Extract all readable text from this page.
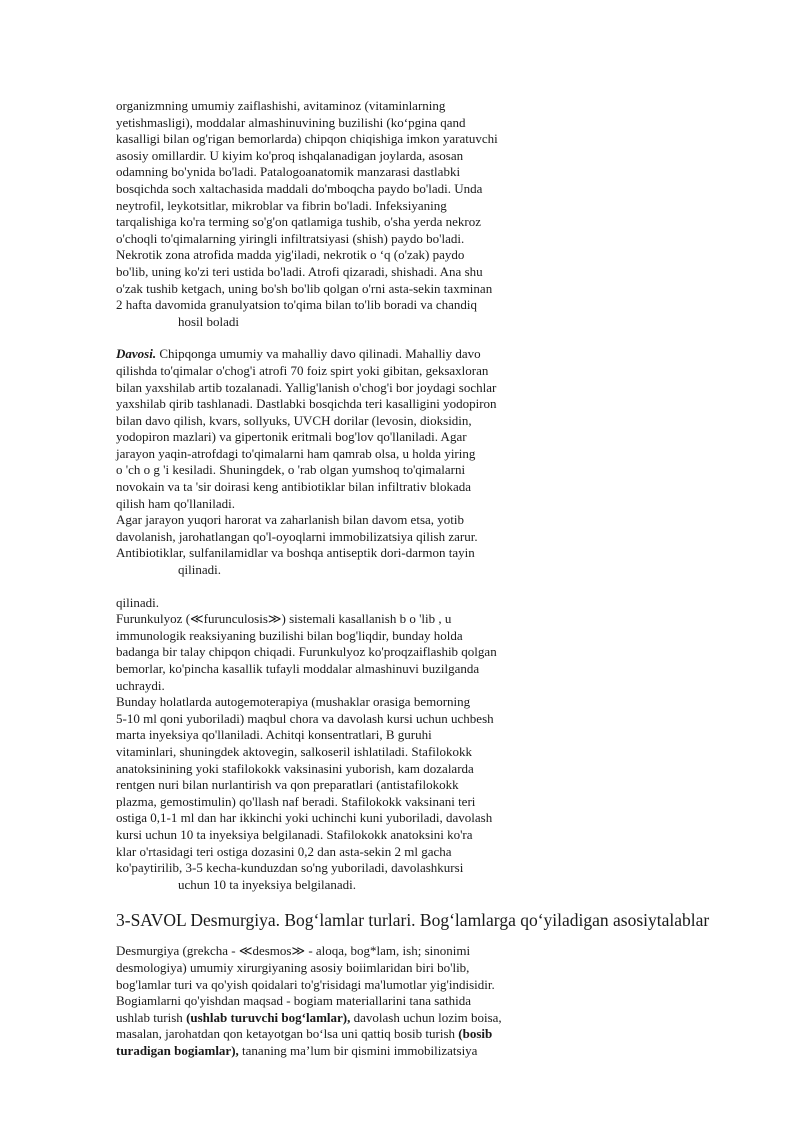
organizmning umumiy zaiflashishi, avitaminoz (vitaminlarning
yetishmasligi), moddalar almashinuvining buzilishi (ko‘pgina qand
kasalligi bilan og'rigan bemorlarda) chipqon chiqishiga imkon yaratuvchi
asosiy omillardir. U kiyim ko'proq ishqalanadigan joylarda, asosan
odamning bo'ynida bo'ladi. Patalogoanatomik manzarasi dastlabki
bosqichda soch xaltachasida maddali do'mboqcha paydo bo'ladi. Unda
neytrofil, leykotsitlar, mikroblar va fibrin bo'ladi. Infeksiyaning
tarqalishiga ko'ra terming so'g'on qatlamiga tushib, o'sha yerda nekroz
o'choqli to'qimalarning yiringli infiltratsiyasi (shish) paydo bo'ladi.
Nekrotik zona atrofida madda yig'iladi, nekrotik o ‘q (o'zak) paydo
bo'lib, uning ko'zi teri ustida bo'ladi. Atrofi qizaradi, shishadi. Ana shu
o'zak tushib ketgach, uning bo'sh bo'lib qolgan o'rni asta-sekin taxminan
2 hafta davomida granulyatsion to'qima bilan to'lib boradi va chandiq
hosil boladi
Davosi. Chipqonga umumiy va mahalliy davo qilinadi. Mahalliy davo
qilishda to'qimalar o'chog'i atrofi 70 foiz spirt yoki gibitan, geksaxloran
bilan yaxshilab artib tozalanadi. Yallig'lanish o'chog'i bor joydagi sochlar
yaxshilab qirib tashlanadi. Dastlabki bosqichda teri kasalligini yodopiron
bilan davo qilish, kvars, sollyuks, UVCH dorilar (levosin, dioksidin,
yodopiron mazlari) va gipertonik eritmali bog'lov qo'llaniladi. Agar
jarayon yaqin-atrofdagi to'qimalarni ham qamrab olsa, u holda yiring
o 'ch o g 'i kesiladi. Shuningdek, o 'rab olgan yumshoq to'qimalarni
novokain va ta 'sir doirasi keng antibiotiklar bilan infiltrativ blokada
qilish ham qo'llaniladi.
Agar jarayon yuqori harorat va zaharlanish bilan davom etsa, yotib
davolanish, jarohatlangan qo'l-oyoqlarni immobilizatsiya qilish zarur.
Antibiotiklar, sulfanilamidlar va boshqa antiseptik dori-darmon tayin
qilinadi.
qilinadi.
Furunkulyoz (≪furunculosis≫) sistemali kasallanish b o 'lib , u
immunologik reaksiyaning buzilishi bilan bog'liqdir, bunday holda
badanga bir talay chipqon chiqadi. Furunkulyoz ko'proqzaiflashib qolgan
bemorlar, ko'pincha kasallik tufayli moddalar almashinuvi buzilganda
uchraydi.
Bunday holatlarda autogemoterapiya (mushaklar orasiga bemorning
5-10 ml qoni yuboriladi) maqbul chora va davolash kursi uchun uchbesh
marta inyeksiya qo'llaniladi. Achitqi konsentratlari, B guruhi
vitaminlari, shuningdek aktovegin, salkoseril ishlatiladi. Stafilokokk
anatoksinining yoki stafilokokk vaksinasini yuborish, kam dozalarda
rentgen nuri bilan nurlantirish va qon preparatlari (antistafilokokk
plazma, gemostimulin) qo'llash naf beradi. Stafilokokk vaksinani teri
ostiga 0,1-1 ml dan har ikkinchi yoki uchinchi kuni yuboriladi, davolash
kursi uchun 10 ta inyeksiya belgilanadi. Stafilokokk anatoksini ko'ra
klar o'rtasidagi teri ostiga dozasini 0,2 dan asta-sekin 2 ml gacha
ko'paytirilib, 3-5 kecha-kunduzdan so'ng yuboriladi, davolashkursi
uchun 10 ta inyeksiya belgilanadi.
3-SAVOL Desmurgiya. Bog‘lamlar turlari. Bog‘lamlarga qo‘yiladigan asosiytalablar
Desmurgiya (grekcha - ≪desmos≫ - aloqa, bog*lam, ish; sinonimi
desmologiya) umumiy xirurgiyaning asosiy boiimlaridan biri bo'lib,
bog'lamlar turi va qo'yish qoidalari to'g'risidagi ma'lumotlar yig'indisidir.
Bogiamlarni qo'yishdan maqsad - bogiam materiallarini tana sathida
ushlab turish (ushlab turuvchi bog‘lamlar), davolash uchun lozim boisa,
masalan, jarohatdan qon ketayotgan bo‘lsa uni qattiq bosib turish (bosib
turadigan bogiamlar), tananing ma’lum bir qismini immobilizatsiya
